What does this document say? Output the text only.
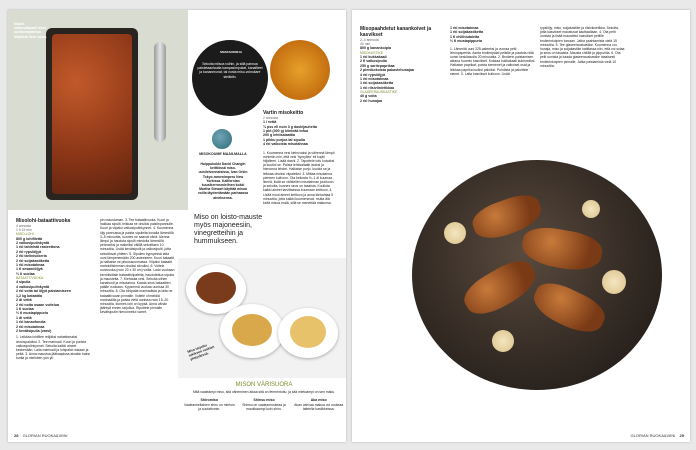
Makea kattavuttipaali tekee uunitomaatteista tilipäistä iteta ruuan.
SMAKSUKIRJA
Sekoita miisoa voihin, ja sillä pannua paistetaanlautta kampasimpukat, kanafileet ja kananmunat, tai nosta miso-voinokare steikkiin.
MISOKOUME MAAILMALLA
Huippukokki David Changin keittiössä miso-uunileivonnaisissa, Ivan Orkin Tokyo-ramenimpero New Yorkissa. Kalifornian kuusikerrosmielinen kokki Martha Stewart käyttää misoa voilla täydentämään parhaassa aineksensa.
Vartin misokeitto
2 annosta
1 l vettä
¾ pss eli noin 3 g dashijauheita
1 pkt (300 g) kiinteää tofua
200 g lehtisalaattia
1 pikku purjoa tai sipulia
4 rkl valkoista misotahnaa
1. Kuumenna vesi kiehuvaksi ja vähennä lämpö minimiin niin, että vesi 'hymyilee' eli kuplii hiljalleen. Lisää dashi. 2. Tapottele tofu kuivaksi ja kuutioi se. Paista lehtisalaatti isoiksi ja hienonna lehdet. Halkaise purjo, kuutioi se ja leikkaa ohuiksi viipaleiksi. 3. Mittaa misotahna pieneen kulhoon. Ota keitosta ½–1 dl kuumaa liemiä, lisää se vähitellen misotahnan joukkoon ja sekoita, kunnes seos on tasaista. Kuullota kaikki aineet tarvittaessa kuumaan keittoon. 4. Lisää muut aineet keittoon ja anna kiehahtaa 5 minuuttia, jotta kaikki kuumenevat, mutta älä keitä misoa enää, sillä se menettää makunsa.
Miso on loisto-mauste myös majoneesiin, vinegretteihin ja hummukseen.
Miso tarjottu tukiksen ruokien yhteydessä.
MISON VÄRISUORA
Mitä vaaleampi miso, sitä väheminen aikaa sitä on fermentoitu, ja sitä mietoampi on sen maku.
Shiromiso
Vaaleankeltainen shiro on mietoin ja suolattomin.
Shinsu miso
Shinsu on vaaleanruskeaa ja maukkaampi kuin shiro.
Aka miso
Akan vahvaa makua voi ruskeaa taiteella kastikkeissa.
Misolohi-bataattivuoka
4 annosta
1 h 15 min
MISO-LOHI
800 g lohifilettä
2 valkosipulinkyntä
1 rkl tahinistä rasteettona
2 rkl rypsiöljyä
2 rkl tarlinisokeria
2 rkl soijakastiketta
1 rkl misotahnaa
1 tl sesamiöljyä
½ tl suolaa
BATAATTIVUOKA
4 sipulia
4 valkosipulinkyntä
2 rkl voita tai öljyä paistamiseen
1,2 kg bataattia
2 dl vettä
2 rkl noita osaan voitelua
1 tl suolaa
½ tl mustapippuria
1 dl vettä
1 rkl kanaofondia
2 rkl misotahnaa
2 kevätsipulia (varsi)
1. Leikkaa lohifilee reiljäksi nahattomaksi annospaloiksi. 2. Tee marinadi. Kuori ja purista valkosipulinkynnet. Sekoita kaikki aineet keskenään. Laita marinadi ja lohipalat rasiaan ja peitä. 3. Anna maustua jääkaapissa ainakin kaksi tuntia ja mieluiten yön yli.
pin maustuman. 3. Tee bataattivuoka. Kuori ja hakkaa sipulit, leikkaa ne ohuiksi paistinpannulle. Kuori ja viipaloi valkosipulinkynnet. 4. Kuumenna öljy pannussa ja paista sipuleita kovalla lämmöllä 3–5 minuuttia, kunnes ne saavat väriä. Alenna lämpö ja hauduta sipulit miedolla lämmöllä pehmeiksi ja makeiksi välillä sekoittaen 10 minuuttia. Lisää kevätsipulit ja valkosipulit, jotta sekoittuvat yhteen. 5. Sipulien kypsyessä laita uuni lämpenemään 200 asteeseen. Kuori bataatit ja halkaise ne pituussuunnassa. Viipaloi bataatit mahdollisimman ohuiksi siivuiksi. 6. Voitele uunivuoka (noin 20 x 30 cm) voilla. Lado vuokaan kerroksittain bataattiviipaleita, haudutettua sipulia ja mausteita. 7. Kiehauta vesi. Sekoita siihen kanafondi ja misotahna. Kaada seos bataattien päälle vuokaan. Kypsennä vuokaa uunissa 30 minuuttia. 8. Ota lohipalat marinadista ja laita ne bataattivuoan pinnalle. Voitele ohmeldiä marinadilla ja paista vielä uunissa noin 15–20 minuuttia, kunnes lohi on kypsä. Anna vähän jäähtyä ennen tarjoilua. Ripottele pinnalle kevätsipulin hienonnetut varret.
28 GLORIAN RUOKA&VIINI
Misopaahdetut kanankoivet ja kasvikset
2–4 annosta
40 min
800 g kanankoipia
MISOKASTIKE
1 rkl kukkakaali
2 tl valkosipulia
250 g saritepaprikaa
2 pienikokoista pakastehunajaa
4 rkl rypsiöljyä
1 rkl misotahnaa
1 rkl soijakastiketta
1 rkl riisiviinietikkaa
GLASEERAUSKASTIKE
40 g voita
2 rkl hunajaa
1 rkl misotahnaa
1 rkl soijakastiketta
1 tl chilihiutaleita
½ tl mustapippuria
1. Lämmitä uuni 225-asteeksi ja vuoraa pelti leivinpaperilla. Aseta broileripalat pelkille ja paahda niitä uunin keskitasolla 20 minuuttia. 2. Broilerin paistamisen aikana huomio kasvikset. Kukkaa kukkakaali kukinnoiksi. Halkaise paprikat, poista siemenet ja valkoiset osat ja leikkaa paprika isoiksi paloiksi. Puhdista ja paloittele sienet. 3. Laita kasvikset kulhoon. Lisää
rypsiöljy, miso, soijakastike ja riisiviinietikka. Sekoita, jotta kasvikset maustuvat kauttaaltaan. 4. Ota pelti uunista ja lisää maustetut kasvikset peltille broilerinkoipien lomaan. Jatka paahtamista vielä 15 minuuttia. 5. Tee glaseerauskastike. Kuumenna voi, hunaja, miso ja soijakastike kattilassa niin, että voi sulaa ja seos on tasaista. Mausta chilillä ja pippurilla. 6. Ota pelti uunista ja kaada glaseerauskastike tasaisesti broilerinkoipien pinnalle. Jatka paistamista vielä 10 minuuttia.
Kanan rapeakuorinen kuori sopii hyvin myös jälkiruoka-haaastejoille.
Miso maustaa sekä pastat että kasvikset ja kastikkeen pinnalle kuten broilerin.
GLORIAN RUOKA&VIINI 29
